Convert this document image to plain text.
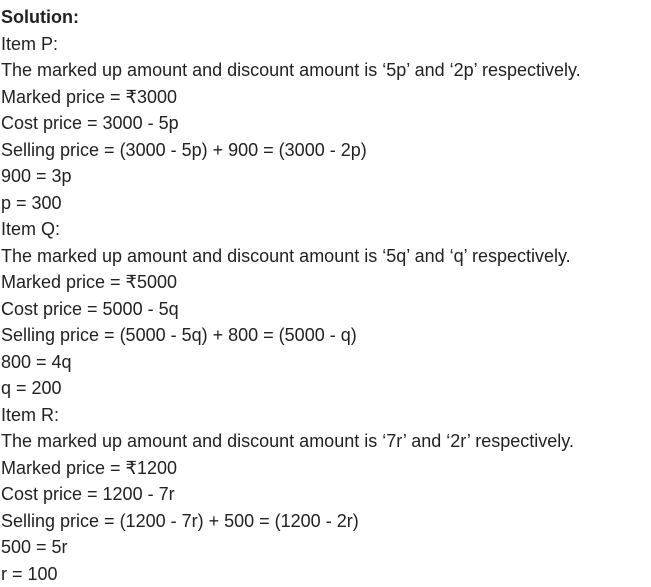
Solution:
Item P:
The marked up amount and discount amount is ‘5p’ and ‘2p’ respectively.
Marked price = ₹3000
Cost price = 3000 - 5p
Selling price = (3000 - 5p) + 900 = (3000 - 2p)
900 = 3p
p = 300
Item Q:
The marked up amount and discount amount is ‘5q’ and ‘q’ respectively.
Marked price = ₹5000
Cost price = 5000 - 5q
Selling price = (5000 - 5q) + 800 = (5000 - q)
800 = 4q
q = 200
Item R:
The marked up amount and discount amount is ‘7r’ and ‘2r’ respectively.
Marked price = ₹1200
Cost price = 1200 - 7r
Selling price = (1200 - 7r) + 500 = (1200 - 2r)
500 = 5r
r = 100
